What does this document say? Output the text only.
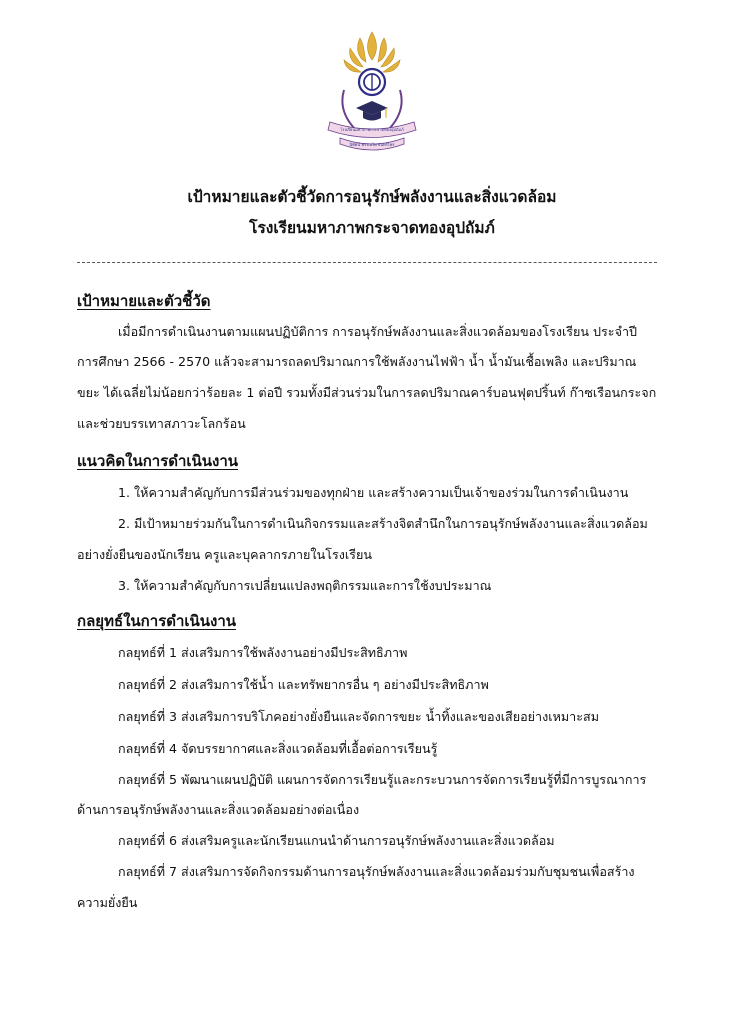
โรงเรียนมหาภาพกระจาดทองอุปถัมภ์
นิทัศน์ พรรณไพ จันทร์ไพร
เป้าหมายและตัวชี้วัดการอนุรักษ์พลังงานและสิ่งแวดล้อม
โรงเรียนมหาภาพกระจาดทองอุปถัมภ์
เป้าหมายและตัวชี้วัด
เมื่อมีการดำเนินงานตามแผนปฏิบัติการ การอนุรักษ์พลังงานและสิ่งแวดล้อมของโรงเรียน ประจำปี
การศึกษา 2566 - 2570 แล้วจะสามารถลดปริมาณการใช้พลังงานไฟฟ้า น้ำ น้ำมันเชื้อเพลิง และปริมาณ
ขยะ ได้เฉลี่ยไม่น้อยกว่าร้อยละ 1 ต่อปี รวมทั้งมีส่วนร่วมในการลดปริมาณคาร์บอนฟุตปริ้นท์ ก๊าซเรือนกระจก
และช่วยบรรเทาสภาวะโลกร้อน
แนวคิดในการดำเนินงาน
1. ให้ความสำคัญกับการมีส่วนร่วมของทุกฝ่าย และสร้างความเป็นเจ้าของร่วมในการดำเนินงาน
2. มีเป้าหมายร่วมกันในการดำเนินกิจกรรมและสร้างจิตสำนึกในการอนุรักษ์พลังงานและสิ่งแวดล้อม
อย่างยั่งยืนของนักเรียน ครูและบุคลากรภายในโรงเรียน
3. ให้ความสำคัญกับการเปลี่ยนแปลงพฤติกรรมและการใช้งบประมาณ
กลยุทธ์ในการดำเนินงาน
กลยุทธ์ที่ 1 ส่งเสริมการใช้พลังงานอย่างมีประสิทธิภาพ
กลยุทธ์ที่ 2 ส่งเสริมการใช้น้ำ และทรัพยากรอื่น ๆ อย่างมีประสิทธิภาพ
กลยุทธ์ที่ 3 ส่งเสริมการบริโภคอย่างยั่งยืนและจัดการขยะ น้ำทิ้งและของเสียอย่างเหมาะสม
กลยุทธ์ที่ 4 จัดบรรยากาศและสิ่งแวดล้อมที่เอื้อต่อการเรียนรู้
กลยุทธ์ที่ 5 พัฒนาแผนปฏิบัติ แผนการจัดการเรียนรู้และกระบวนการจัดการเรียนรู้ที่มีการบูรณาการ
ด้านการอนุรักษ์พลังงานและสิ่งแวดล้อมอย่างต่อเนื่อง
กลยุทธ์ที่ 6 ส่งเสริมครูและนักเรียนแกนนำด้านการอนุรักษ์พลังงานและสิ่งแวดล้อม
กลยุทธ์ที่ 7 ส่งเสริมการจัดกิจกรรมด้านการอนุรักษ์พลังงานและสิ่งแวดล้อมร่วมกับชุมชนเพื่อสร้าง
ความยั่งยืน
